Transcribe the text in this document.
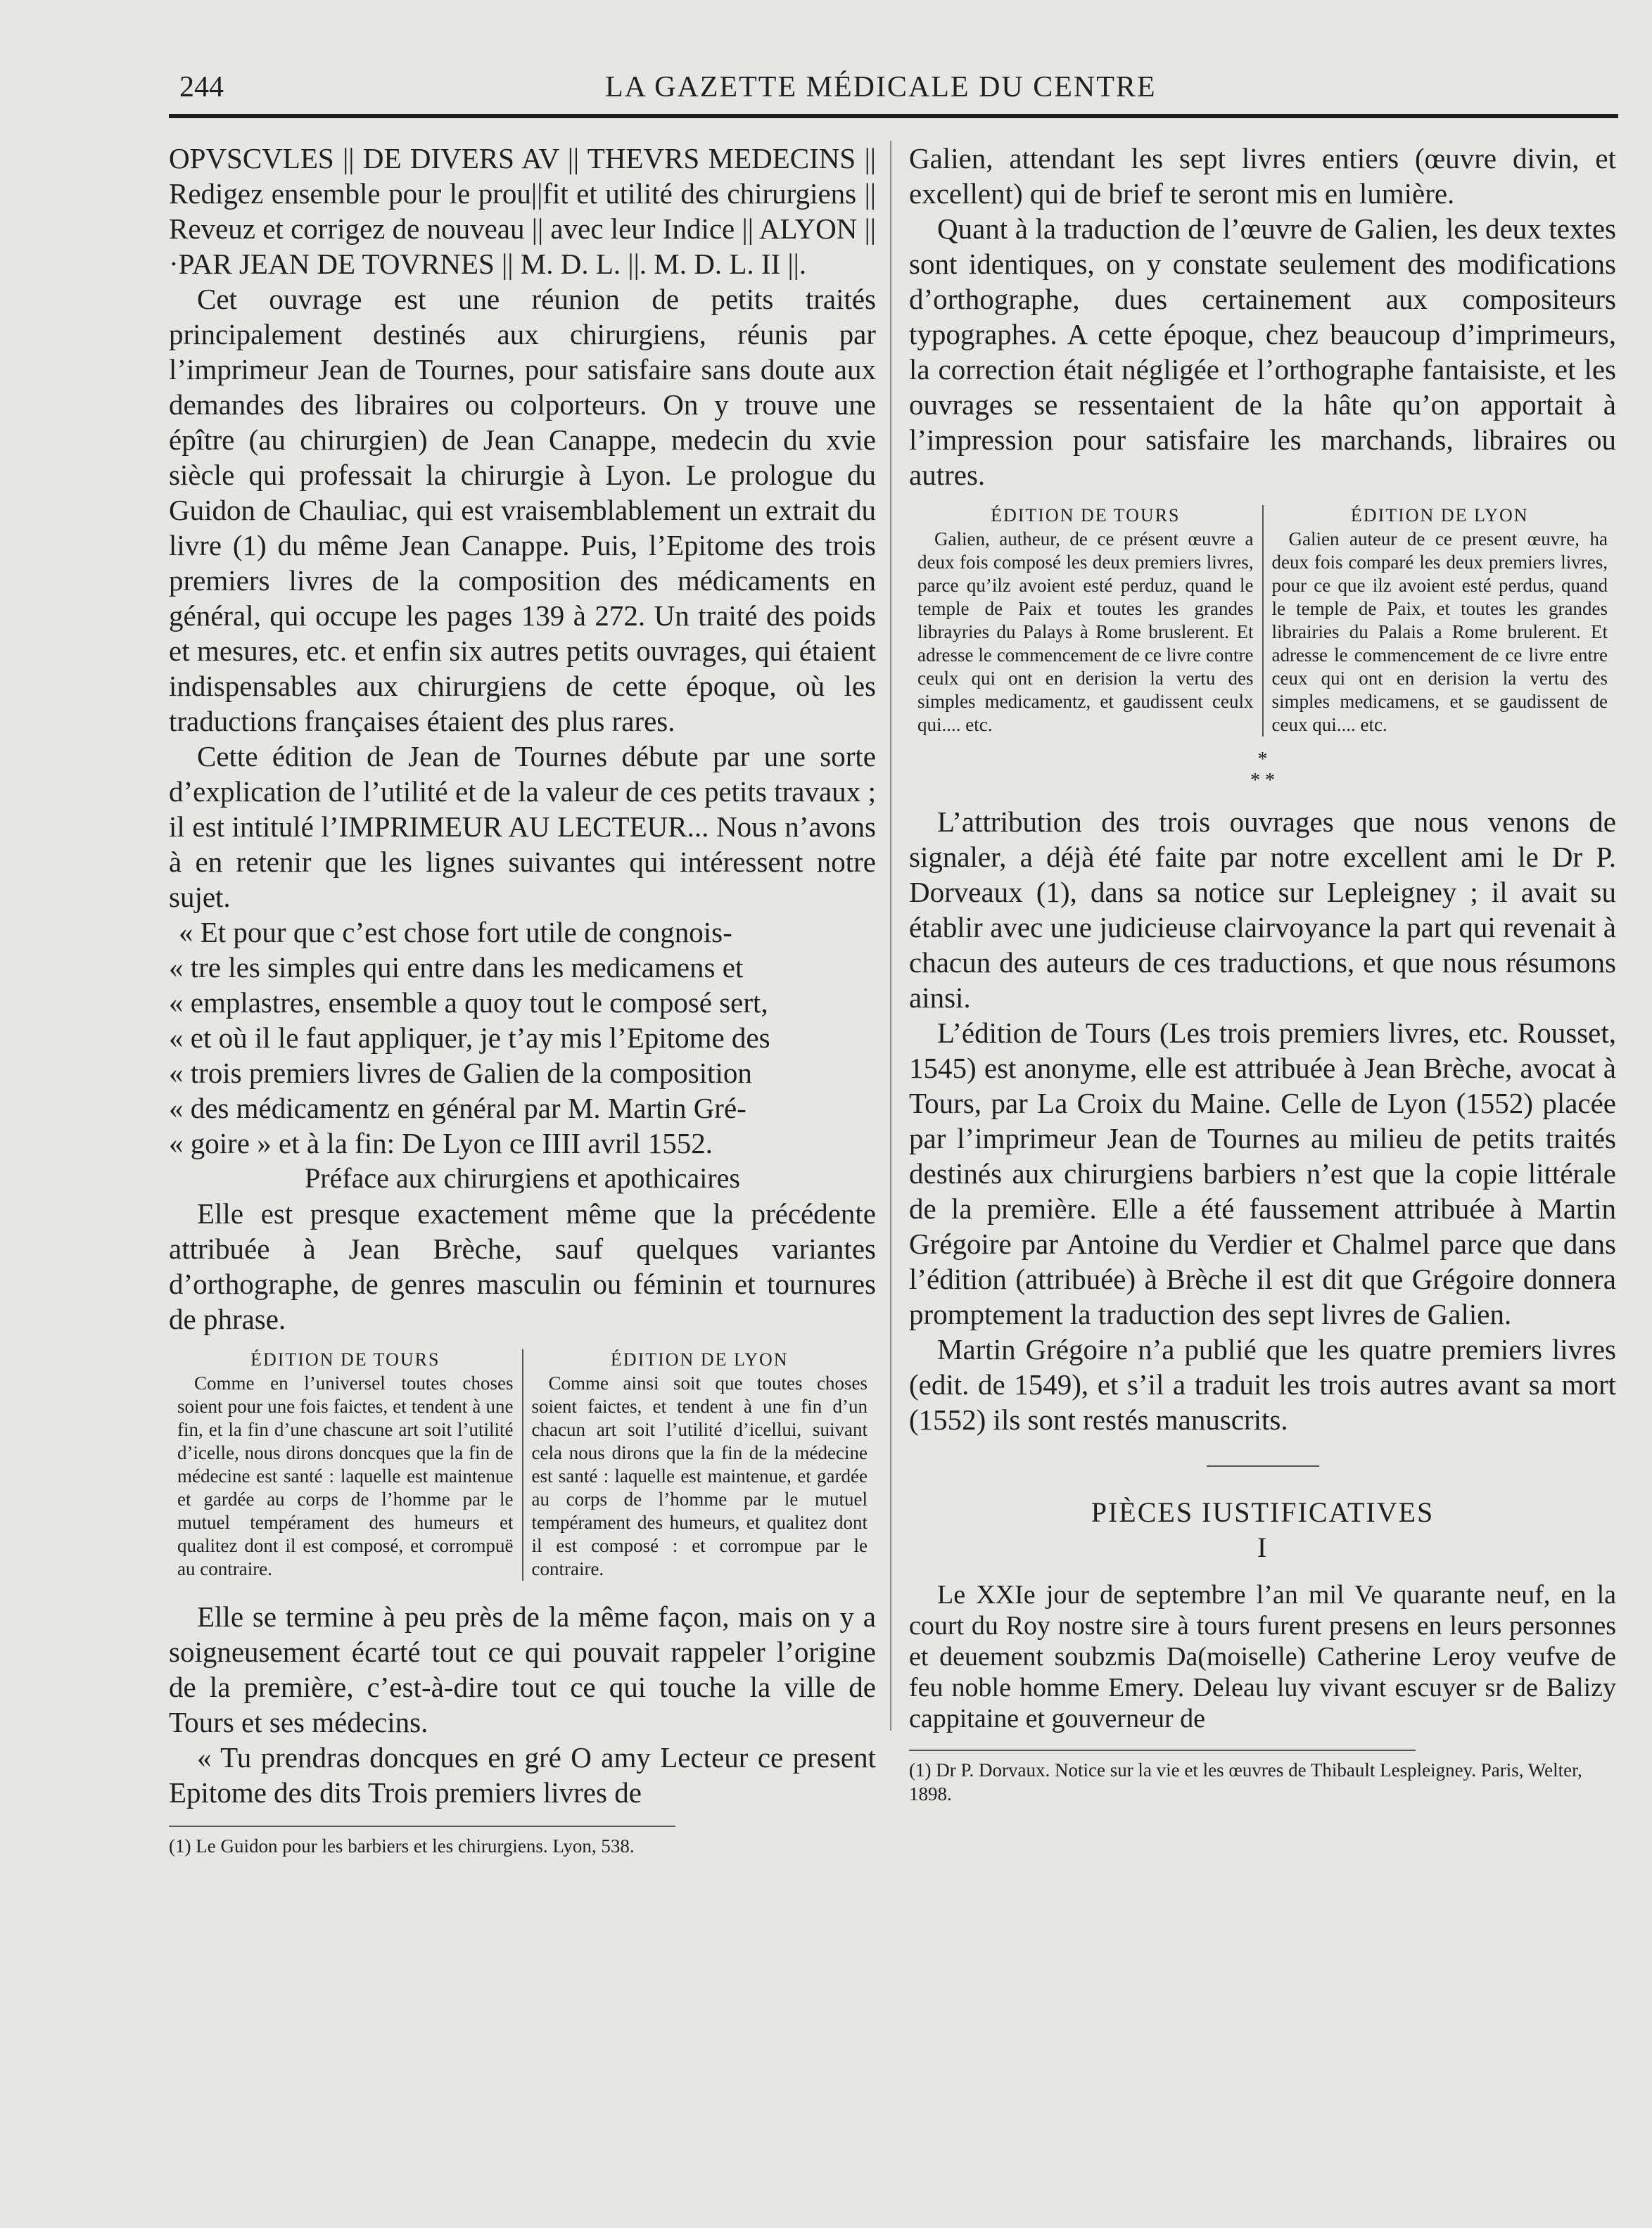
244	LA GAZETTE MÉDICALE DU CENTRE

OPVSCVLES || DE DIVERS AV || THEVRS MEDECINS || Redigez ensemble pour le prou||fit et utilité des chirurgiens || Reveuz et corrigez de nouveau || avec leur Indice || ALYON ||·PAR JEAN DE TOVRNES || M. D. L. ||. M. D. L. II ||.

Cet ouvrage est une réunion de petits traités principalement destinés aux chirurgiens, réunis par l’imprimeur Jean de Tournes, pour satisfaire sans doute aux demandes des libraires ou colporteurs. On y trouve une épître (au chirurgien) de Jean Canappe, medecin du xvie siècle qui professait la chirurgie à Lyon. Le prologue du Guidon de Chauliac, qui est vraisemblablement un extrait du livre (1) du même Jean Canappe. Puis, l’Epitome des trois premiers livres de la composition des médicaments en général, qui occupe les pages 139 à 272. Un traité des poids et mesures, etc. et enfin six autres petits ouvrages, qui étaient indispensables aux chirurgiens de cette époque, où les traductions françaises étaient des plus rares.

Cette édition de Jean de Tournes débute par une sorte d’explication de l’utilité et de la valeur de ces petits travaux ; il est intitulé l’IMPRIMEUR AU LECTEUR... Nous n’avons à en retenir que les lignes suivantes qui intéressent notre sujet.

« Et pour que c’est chose fort utile de congnois-

« tre les simples qui entre dans les medicamens et

« emplastres, ensemble a quoy tout le composé sert,

« et où il le faut appliquer, je t’ay mis l’Epitome des

« trois premiers livres de Galien de la composition

« des médicamentz en général par M. Martin Gré-

« goire » et à la fin: De Lyon ce IIII avril 1552.

Préface aux chirurgiens et apothicaires

Elle est presque exactement même que la précédente attribuée à Jean Brèche, sauf quelques variantes d’orthographe, de genres masculin ou féminin et tournures de phrase.

ÉDITION DE TOURS

Comme en l’universel toutes choses soient pour une fois faictes, et tendent à une fin, et la fin d’une chascune art soit l’utilité d’icelle, nous dirons doncques que la fin de médecine est santé : laquelle est maintenue et gardée au corps de l’homme par le mutuel tempérament des humeurs et qualitez dont il est composé, et corrompuë au contraire.

ÉDITION DE LYON

Comme ainsi soit que toutes choses soient faictes, et tendent à une fin d’un chacun art soit l’utilité d’icellui, suivant cela nous dirons que la fin de la médecine est santé : laquelle est maintenue, et gardée au corps de l’homme par le mutuel tempérament des humeurs, et qualitez dont il est composé : et corrompue par le contraire.

Elle se termine à peu près de la même façon, mais on y a soigneusement écarté tout ce qui pouvait rappeler l’origine de la première, c’est-à-dire tout ce qui touche la ville de Tours et ses médecins.

« Tu prendras doncques en gré O amy Lecteur ce present Epitome des dits Trois premiers livres de

(1) Le Guidon pour les barbiers et les chirurgiens. Lyon, 538.

Galien, attendant les sept livres entiers (œuvre divin, et excellent) qui de brief te seront mis en lumière.

Quant à la traduction de l’œuvre de Galien, les deux textes sont identiques, on y constate seulement des modifications d’orthographe, dues certainement aux compositeurs typographes. A cette époque, chez beaucoup d’imprimeurs, la correction était négligée et l’orthographe fantaisiste, et les ouvrages se ressentaient de la hâte qu’on apportait à l’impression pour satisfaire les marchands, libraires ou autres.

ÉDITION DE TOURS

Galien, autheur, de ce présent œuvre a deux fois composé les deux premiers livres, parce qu’ilz avoient esté perduz, quand le temple de Paix et toutes les grandes librayries du Palays à Rome bruslerent. Et adresse le commencement de ce livre contre ceulx qui ont en derision la vertu des simples medicamentz, et gaudissent ceulx qui.... etc.

ÉDITION DE LYON

Galien auteur de ce present œuvre, ha deux fois comparé les deux premiers livres, pour ce que ilz avoient esté perdus, quand le temple de Paix, et toutes les grandes librairies du Palais a Rome brulerent. Et adresse le commencement de ce livre entre ceux qui ont en derision la vertu des simples medicamens, et se gaudissent de ceux qui.... etc.

*
* *

L’attribution des trois ouvrages que nous venons de signaler, a déjà été faite par notre excellent ami le Dr P. Dorveaux (1), dans sa notice sur Lepleigney ; il avait su établir avec une judicieuse clairvoyance la part qui revenait à chacun des auteurs de ces traductions, et que nous résumons ainsi.

L’édition de Tours (Les trois premiers livres, etc. Rousset, 1545) est anonyme, elle est attribuée à Jean Brèche, avocat à Tours, par La Croix du Maine. Celle de Lyon (1552) placée par l’imprimeur Jean de Tournes au milieu de petits traités destinés aux chirurgiens barbiers n’est que la copie littérale de la première. Elle a été faussement attribuée à Martin Grégoire par Antoine du Verdier et Chalmel parce que dans l’édition (attribuée) à Brèche il est dit que Grégoire donnera promptement la traduction des sept livres de Galien.

Martin Grégoire n’a publié que les quatre premiers livres (edit. de 1549), et s’il a traduit les trois autres avant sa mort (1552) ils sont restés manuscrits.

PIÈCES IUSTIFICATIVES

I

Le XXIe jour de septembre l’an mil Ve quarante neuf, en la court du Roy nostre sire à tours furent presens en leurs personnes et deuement soubzmis Da(moiselle) Catherine Leroy veufve de feu noble homme Emery. Deleau luy vivant escuyer sr de Balizy cappitaine et gouverneur de

(1) Dr P. Dorvaux. Notice sur la vie et les œuvres de Thibault Lespleigney. Paris, Welter, 1898.
